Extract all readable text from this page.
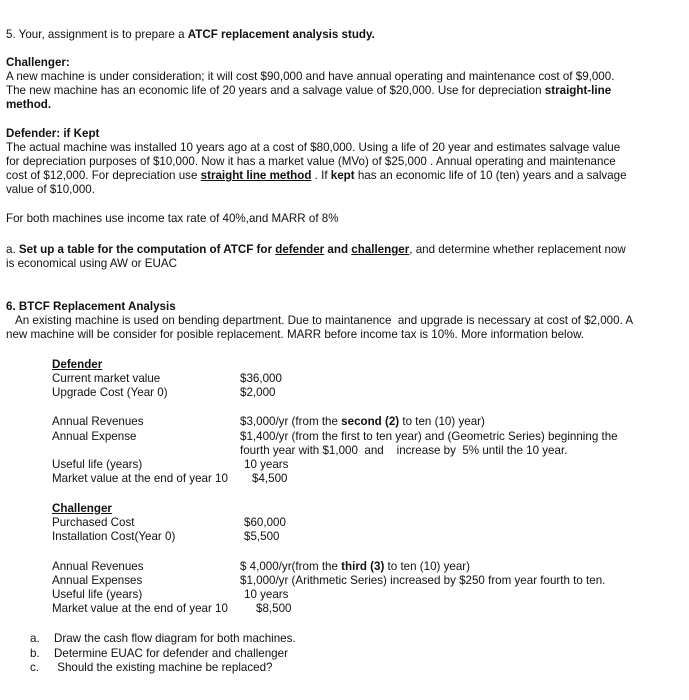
5. Your, assignment is to prepare a ATCF replacement analysis study.
Challenger:
A new machine is under consideration; it will cost $90,000 and have annual operating and maintenance cost of $9,000.
The new machine has an economic life of 20 years and a salvage value of $20,000. Use for depreciation straight-line
method.
Defender: if Kept
The actual machine was installed 10 years ago at a cost of $80,000. Using a life of 20 year and estimates salvage value
for depreciation purposes of $10,000. Now it has a market value (MVo) of $25,000 . Annual operating and maintenance
cost of $12,000. For depreciation use straight line method . If kept has an economic life of 10 (ten) years and a salvage
value of $10,000.
For both machines use income tax rate of 40%,and MARR of 8%
a. Set up a table for the computation of ATCF for defender and challenger, and determine whether replacement now
is economical using AW or EUAC
6. BTCF Replacement Analysis
An existing machine is used on bending department. Due to maintanence  and upgrade is necessary at cost of $2,000. A
new machine will be consider for posible replacement. MARR before income tax is 10%. More information below.
Defender
Current market value	$36,000
Upgrade Cost (Year 0)	$2,000
Annual Revenues	$3,000/yr (from the second (2) to ten (10) year)
Annual Expense	$1,400/yr (from the first to ten year) and (Geometric Series) beginning the
fourth year with $1,000  and    increase by  5% until the 10 year.
Useful life (years)	10 years
Market value at the end of year 10 $4,500
Challenger
Purchased Cost	$60,000
Installation Cost(Year 0)	$5,500
Annual Revenues	$ 4,000/yr(from the third (3) to ten (10) year)
Annual Expenses	$1,000/yr (Arithmetic Series) increased by $250 from year fourth to ten.
Useful life (years)	10 years
Market value at the end of year 10 $8,500
a. Draw the cash flow diagram for both machines.
b. Determine EUAC for defender and challenger
c. Should the existing machine be replaced?
